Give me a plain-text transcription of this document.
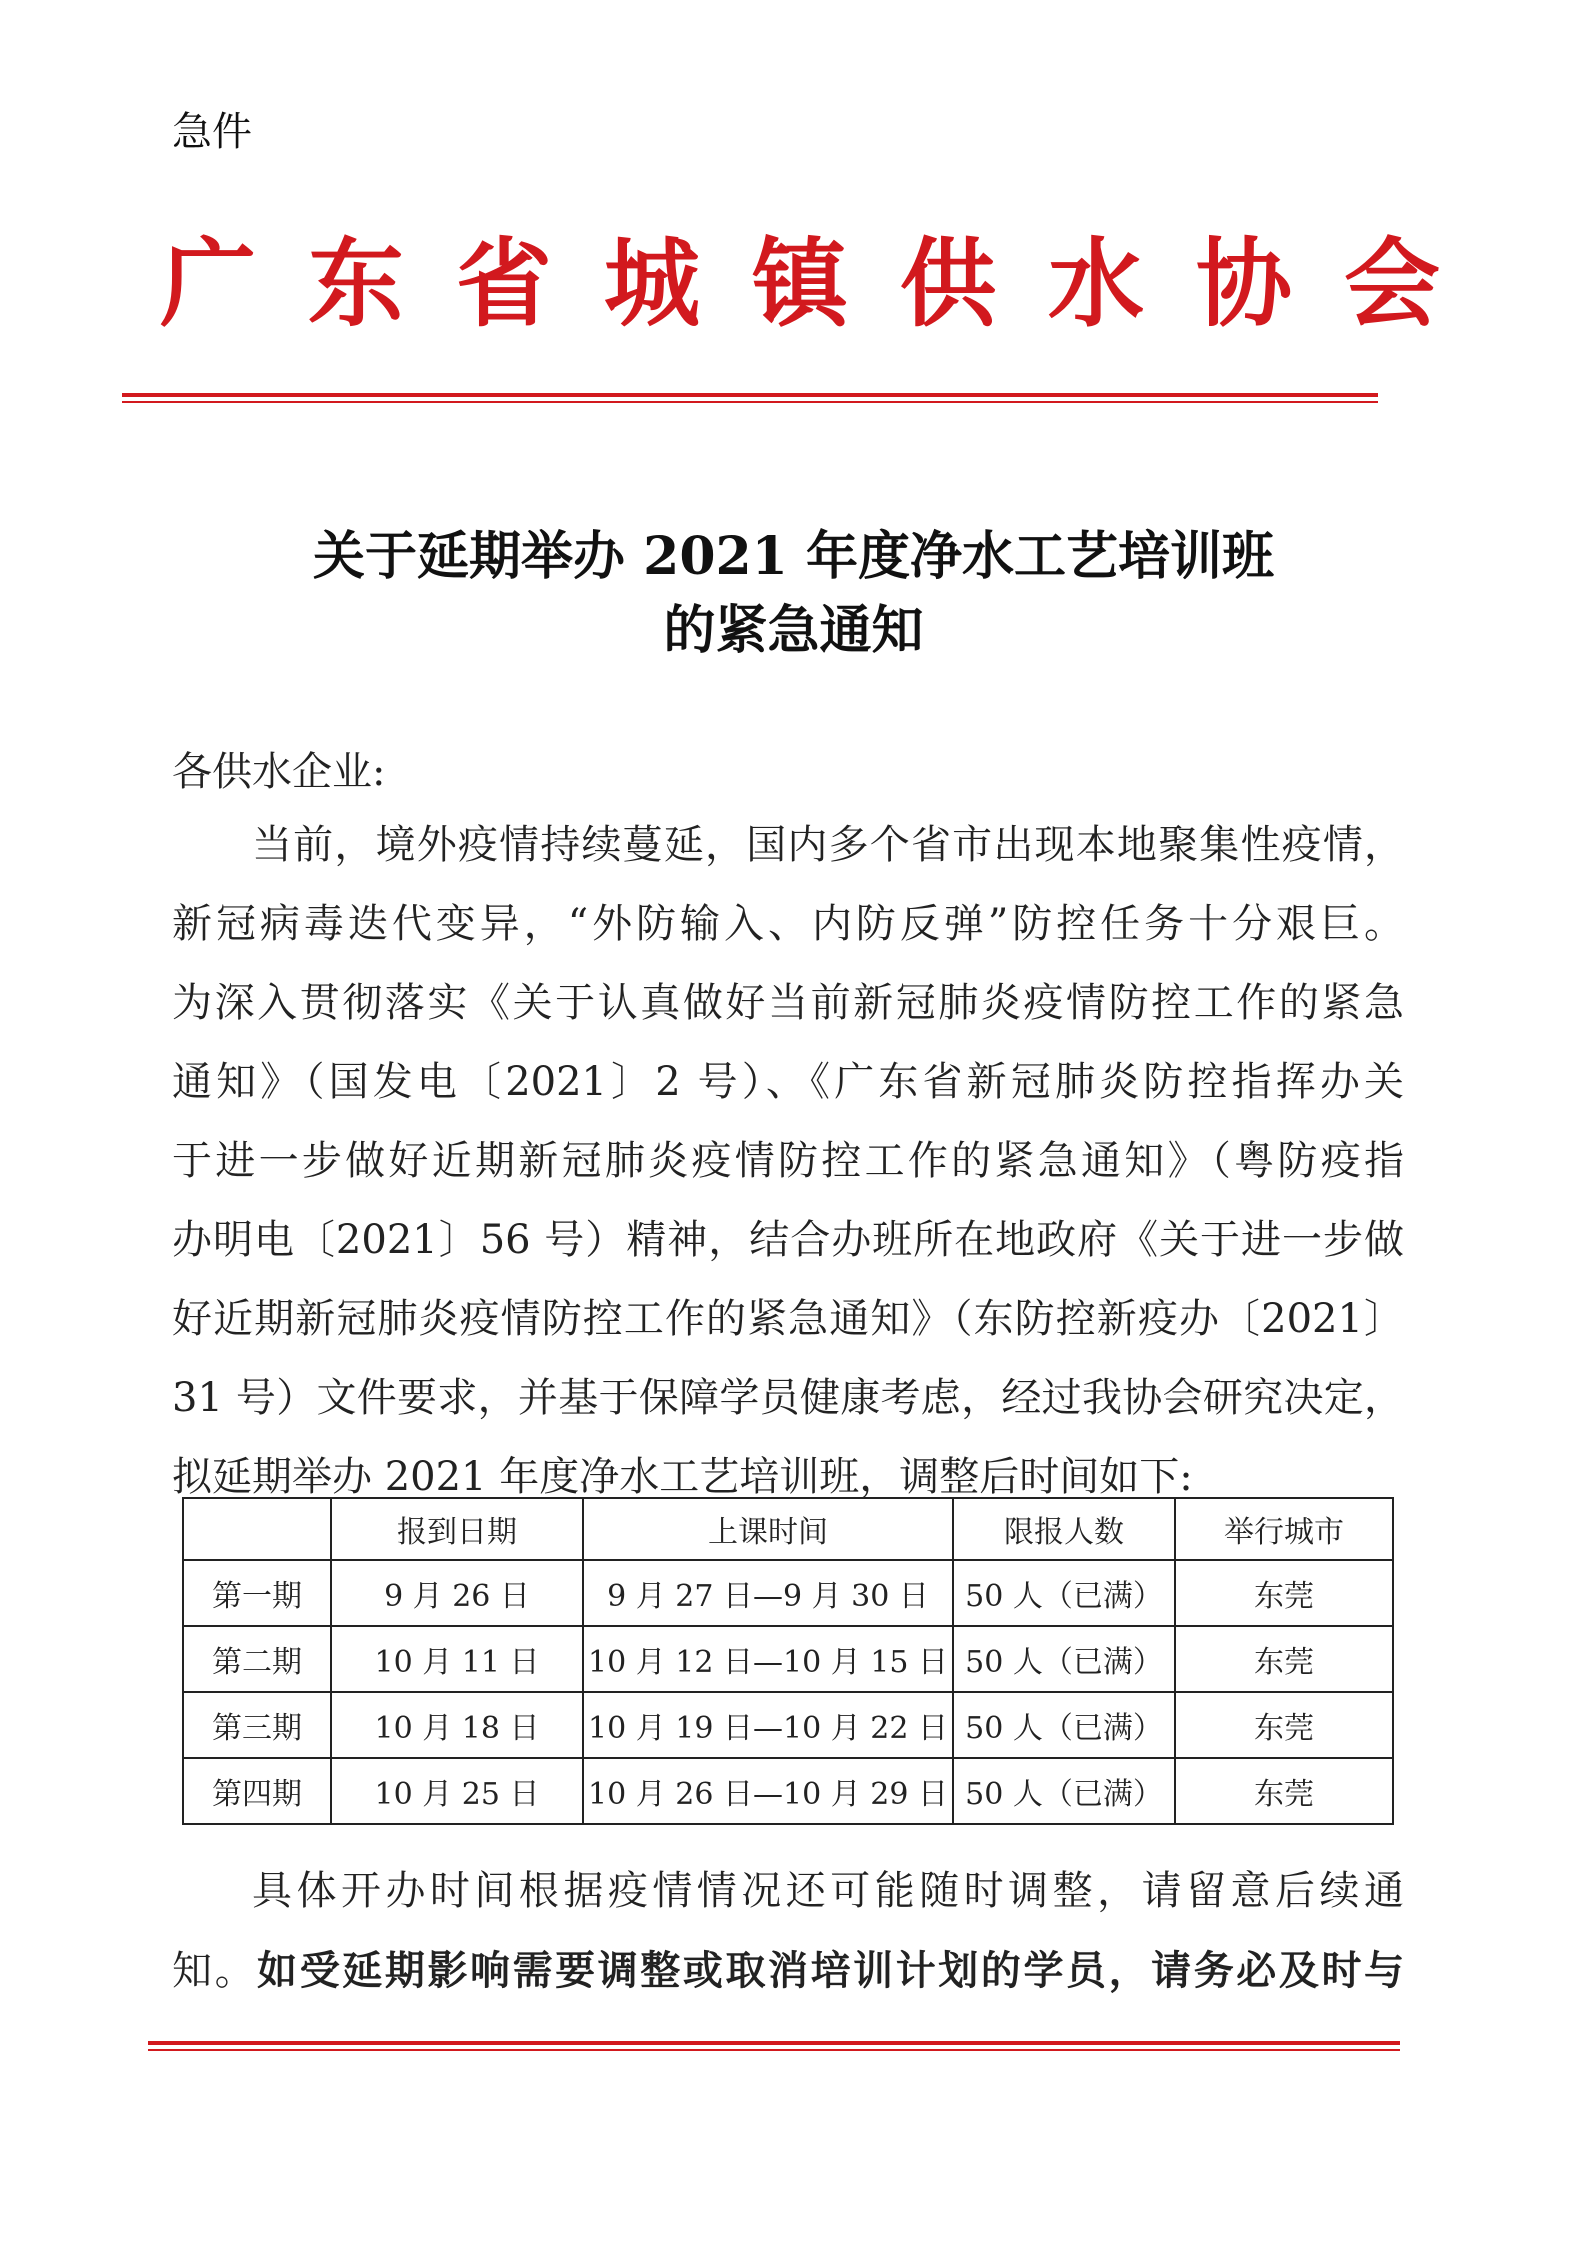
急件
广东省城镇供水协会
关于延期举办 2021 年度净水工艺培训班
的紧急通知
各供水企业:
当前，境外疫情持续蔓延，国内多个省市出现本地聚集性疫情，
新冠病毒迭代变异，“外防输入、内防反弹”防控任务十分艰巨。
为深入贯彻落实《关于认真做好当前新冠肺炎疫情防控工作的紧急
通知》（国发电〔2021〕2 号）、《广东省新冠肺炎防控指挥办关
于进一步做好近期新冠肺炎疫情防控工作的紧急通知》（粤防疫指
办明电〔2021〕56 号）精神，结合办班所在地政府《关于进一步做
好近期新冠肺炎疫情防控工作的紧急通知》（东防控新疫办〔2021〕
31 号）文件要求，并基于保障学员健康考虑，经过我协会研究决定，
拟延期举办 2021 年度净水工艺培训班，调整后时间如下:
	报到日期	上课时间	限报人数	举行城市
第一期	9 月 26 日	9 月 27 日—9 月 30 日	50 人（已满）	东莞
第二期	10 月 11 日	10 月 12 日—10 月 15 日	50 人（已满）	东莞
第三期	10 月 18 日	10 月 19 日—10 月 22 日	50 人（已满）	东莞
第四期	10 月 25 日	10 月 26 日—10 月 29 日	50 人（已满）	东莞
具体开办时间根据疫情情况还可能随时调整，请留意后续通
知。如受延期影响需要调整或取消培训计划的学员，请务必及时与
